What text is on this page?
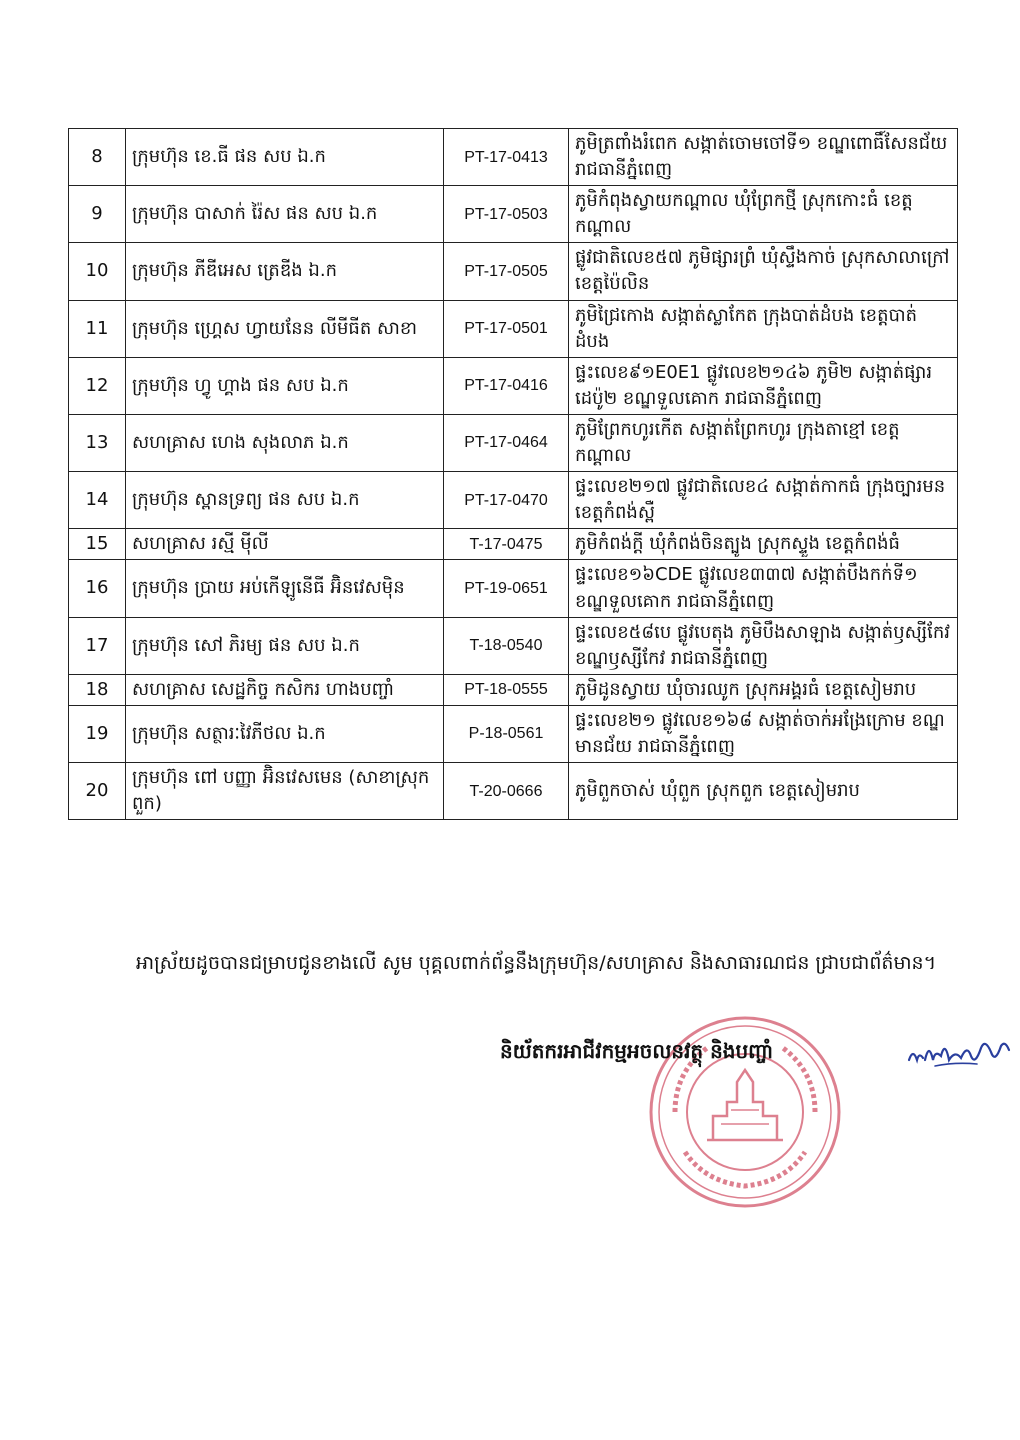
8	ក្រុមហ៊ុន ខេ.ធី ផន សប ឯ.ក	PT-17-0413	ភូមិត្រពាំងរំពេក សង្កាត់ចោមចៅទី១ ខណ្ឌពោធិ៍សែនជ័យ រាជធានីភ្នំពេញ
9	ក្រុមហ៊ុន បាសាក់ រ៉ៃស ផន សប ឯ.ក	PT-17-0503	ភូមិកំពុងស្វាយកណ្តាល ឃុំព្រែកថ្មី ស្រុកកោះធំ ខេត្តកណ្តាល
10	ក្រុមហ៊ុន ភីឌីអេស ត្រេឌីង ឯ.ក	PT-17-0505	ផ្លូវជាតិលេខ៥៧ ភូមិផ្សារព្រំ ឃុំស្ទឹងកាច់ ស្រុកសាលាក្រៅ ខេត្តប៉ៃលិន
11	ក្រុមហ៊ុន ហ្គ្រេស ហ្វាយនែន លីមីធីត សាខា	PT-17-0501	ភូមិជ្រៃកោង សង្កាត់ស្លាកែត ក្រុងបាត់ដំបង ខេត្តបាត់ដំបង
12	ក្រុមហ៊ុន ហ្វូ ហ្គាង ផន សប ឯ.ក	PT-17-0416	ផ្ទះលេខ៩១E0E1 ផ្លូវលេខ២១៤៦ ភូមិ២ សង្កាត់ផ្សារដេប៉ូ២ ខណ្ឌទួលគោក រាជធានីភ្នំពេញ
13	សហគ្រាស ហេង សុងលាភ ឯ.ក	PT-17-0464	ភូមិព្រែកហូរកើត សង្កាត់ព្រែកហូរ ក្រុងតាខ្មៅ ខេត្តកណ្តាល
14	ក្រុមហ៊ុន ស្ពានទ្រព្យ ផន សប ឯ.ក	PT-17-0470	ផ្ទះលេខ២១៧ ផ្លូវជាតិលេខ៤ សង្កាត់កាកធំ ក្រុងច្បារមន ខេត្តកំពង់ស្ពឺ
15	សហគ្រាស រស្មី ម៉ីលី	T-17-0475	ភូមិកំពង់ក្តី ឃុំកំពង់ចិនត្បូង ស្រុកស្ទួង ខេត្តកំពង់ធំ
16	ក្រុមហ៊ុន ប្រាយ អប់កើឡូនើធី អ៊ិនវេសម៉ិន	PT-19-0651	ផ្ទះលេខ១៦CDE ផ្លូវលេខ៣៣៧ សង្កាត់បឹងកក់ទី១ ខណ្ឌទួលគោក រាជធានីភ្នំពេញ
17	ក្រុមហ៊ុន សៅ ភិរម្យ ផន សប ឯ.ក	T-18-0540	ផ្ទះលេខ៥៨បេ ផ្លូវបេតុង ភូមិបឹងសាឡាង សង្កាត់ឫស្សីកែវ ខណ្ឌឫស្សីកែវ រាជធានីភ្នំពេញ
18	សហគ្រាស សេដ្ឋកិច្ច កសិករ ហាងបញ្ចាំ	PT-18-0555	ភូមិដូនស្វាយ ឃុំចារឈូក ស្រុកអង្គរធំ ខេត្តសៀមរាប
19	ក្រុមហ៊ុន សត្ថារៈវៃភីថល ឯ.ក	P-18-0561	ផ្ទះលេខ២១ ផ្លូវលេខ១៦៨ សង្កាត់ចាក់អង្រែក្រោម ខណ្ឌមានជ័យ រាជធានីភ្នំពេញ
20	ក្រុមហ៊ុន ពៅ បញ្ញា អ៊ិនវេសមេន (សាខាស្រុកពួក)	T-20-0666	ភូមិពួកចាស់ ឃុំពួក ស្រុកពួក ខេត្តសៀមរាប
អាស្រ័យដូចបានជម្រាបជូនខាងលើ សូម បុគ្គលពាក់ព័ន្ធនឹងក្រុមហ៊ុន/សហគ្រាស និងសាធារណជន ជ្រាបជាព័ត៌មាន។
និយ័តករអាជីវកម្មអចលនវត្ថុ និងបញ្ចាំ
